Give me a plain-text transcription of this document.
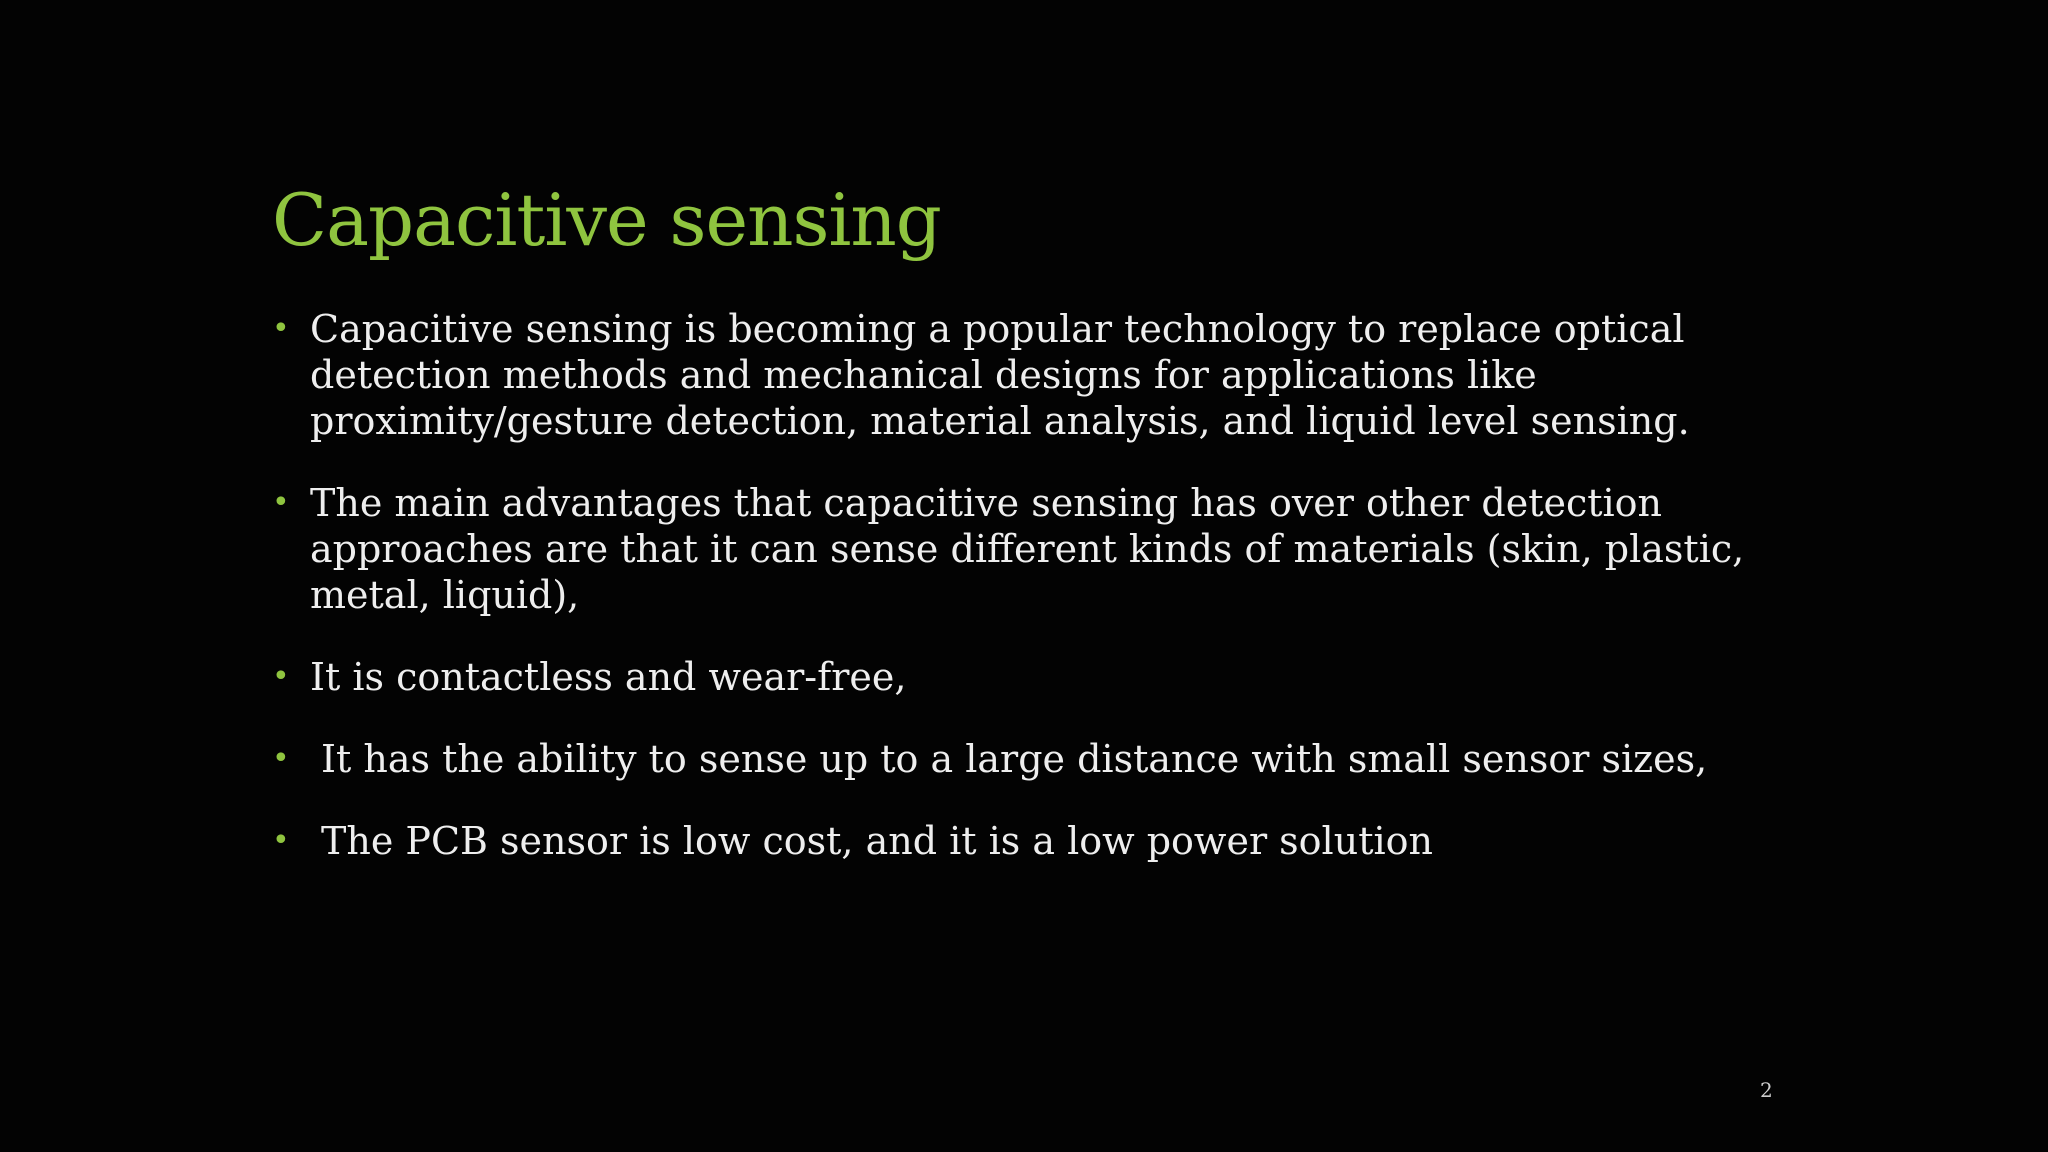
Capacitive sensing
• Capacitive sensing is becoming a popular technology to replace optical detection methods and mechanical designs for applications like proximity/gesture detection, material analysis, and liquid level sensing.
• The main advantages that capacitive sensing has over other detection approaches are that it can sense different kinds of materials (skin, plastic, metal, liquid),
• It is contactless and wear-free,
• It has the ability to sense up to a large distance with small sensor sizes,
• The PCB sensor is low cost, and it is a low power solution
2
